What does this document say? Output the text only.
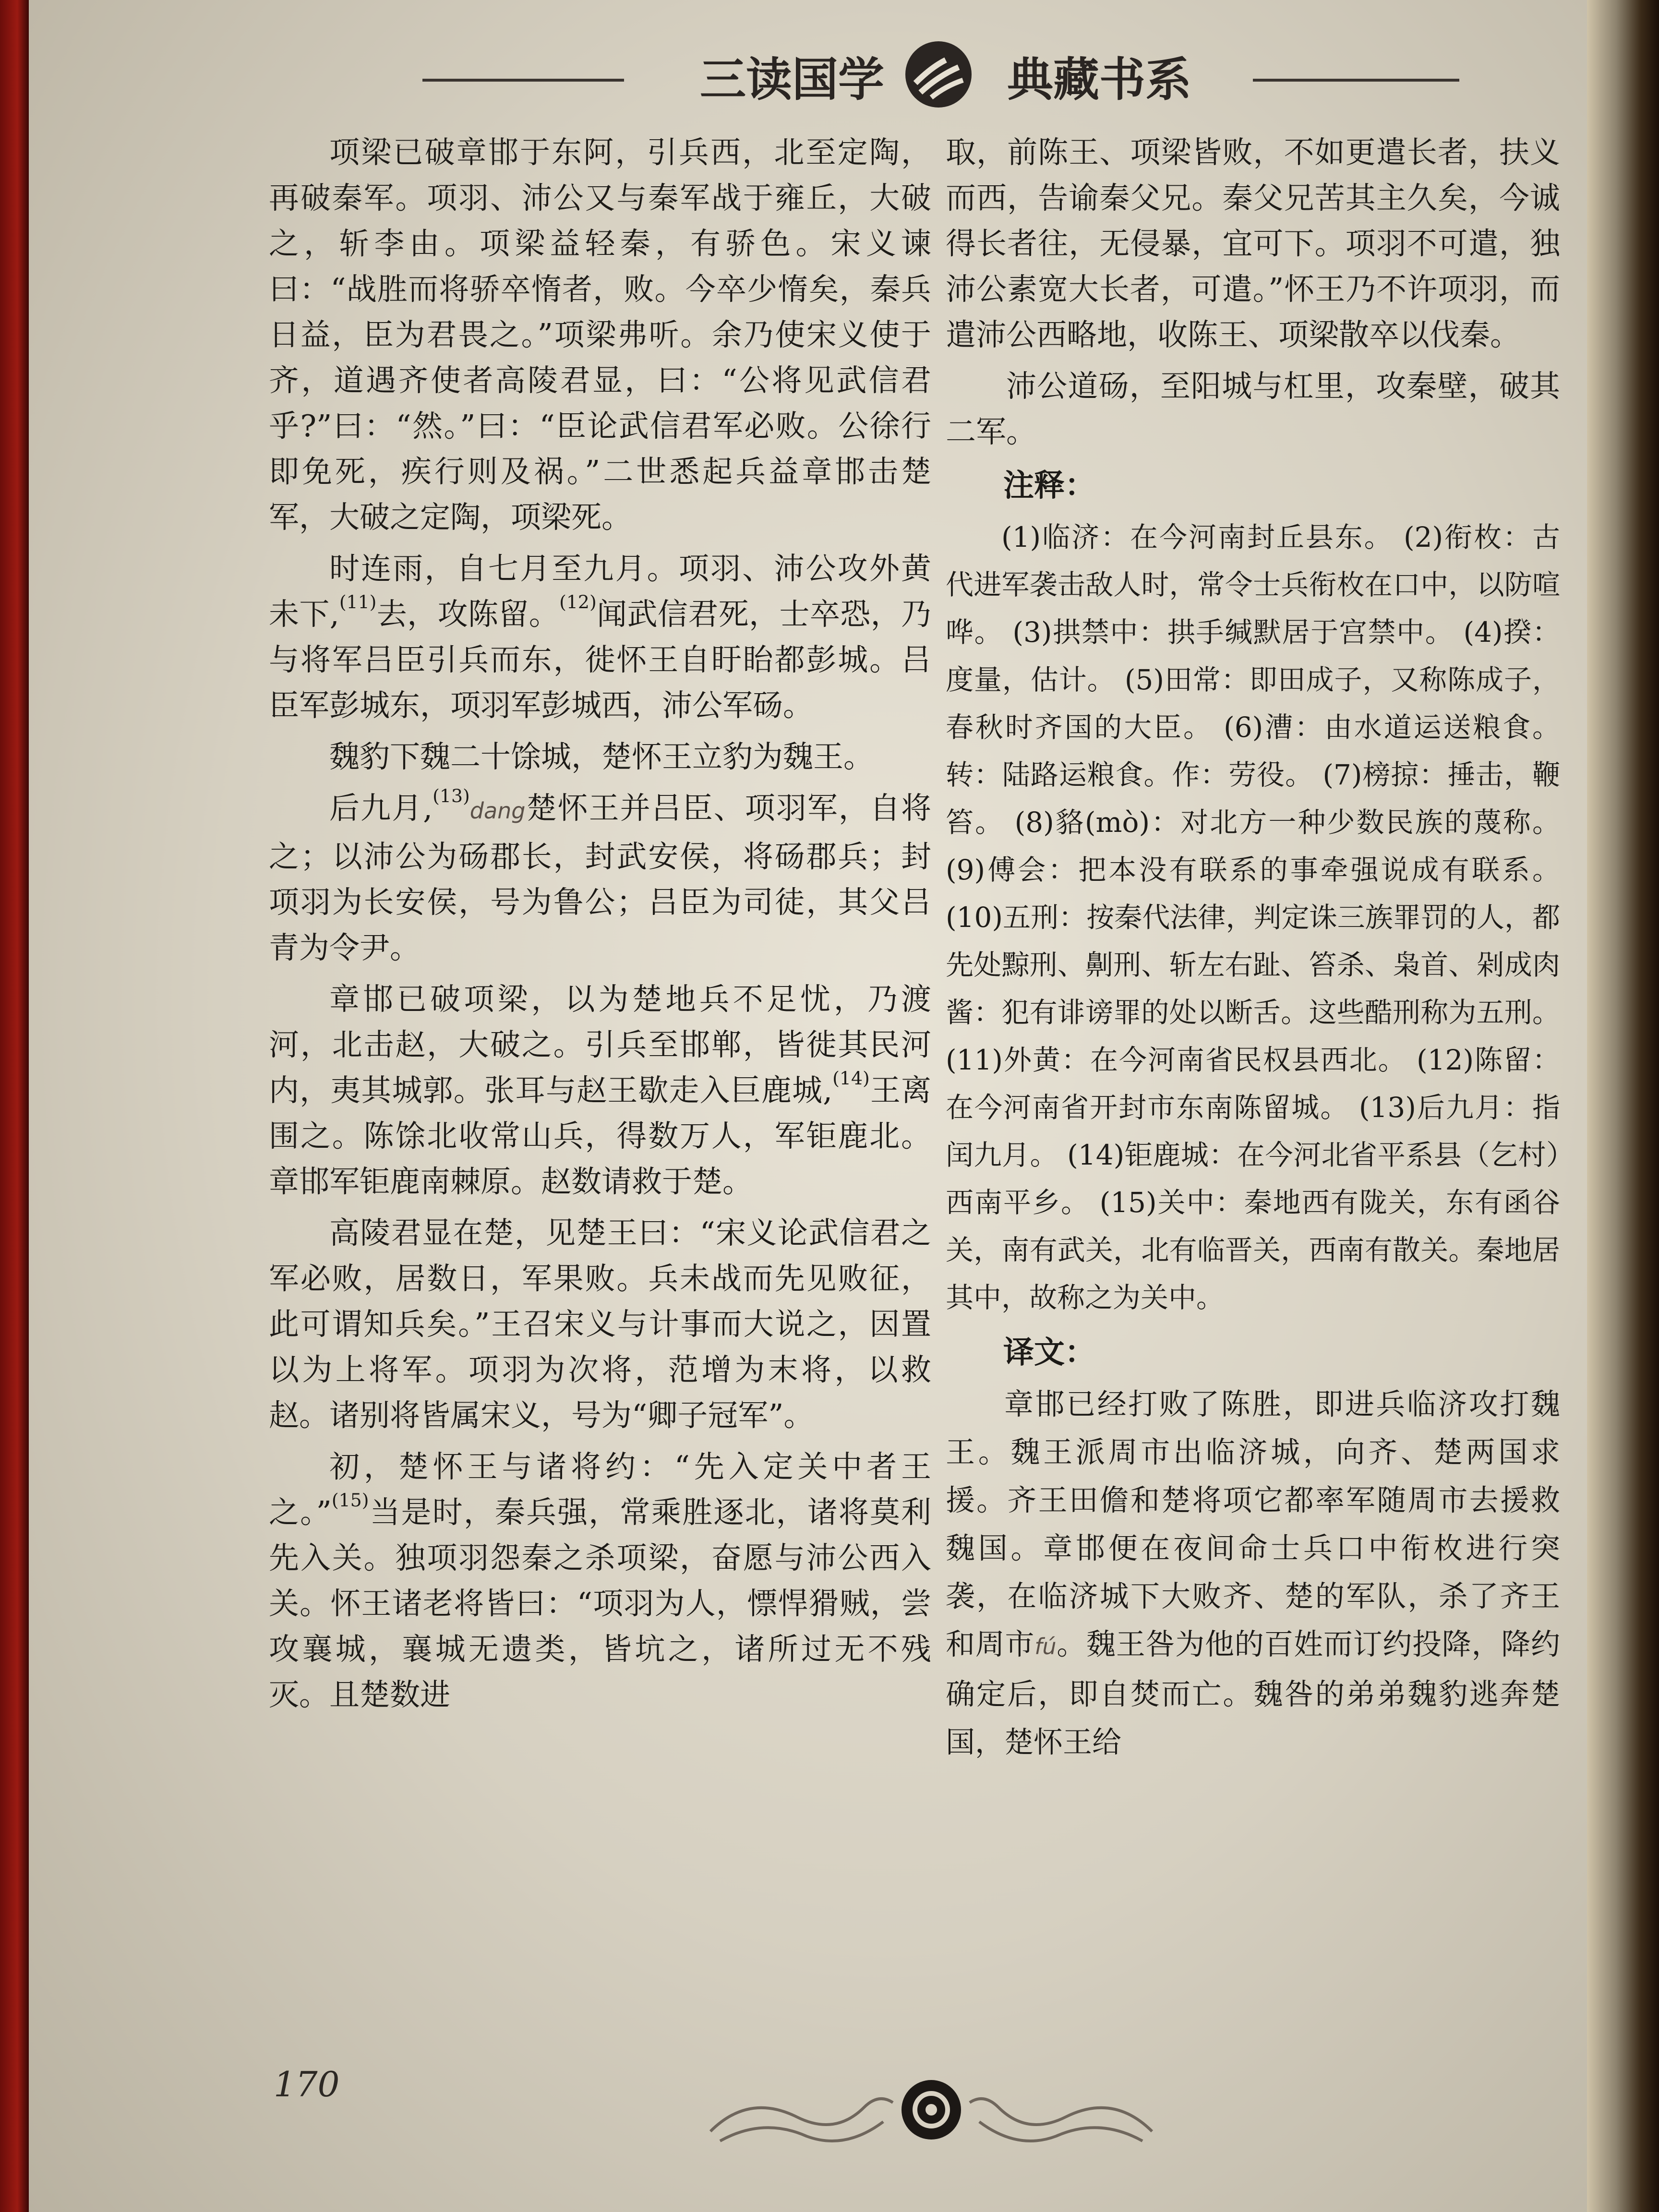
三读国学	典藏书系

项梁已破章邯于东阿，引兵西，北至定陶，再破秦军。项羽、沛公又与秦军战于雍丘，大破之，斩李由。项梁益轻秦，有骄色。宋义谏曰：“战胜而将骄卒惰者，败。今卒少惰矣，秦兵日益，臣为君畏之。”项梁弗听。余乃使宋义使于齐，道遇齐使者高陵君显，曰：“公将见武信君乎?”曰：“然。”曰：“臣论武信君军必败。公徐行即免死，疾行则及祸。”二世悉起兵益章邯击楚军，大破之定陶，项梁死。

时连雨，自七月至九月。项羽、沛公攻外黄未下,$^{(11)}$去，攻陈留。$^{(12)}$闻武信君死，士卒恐，乃与将军吕臣引兵而东，徙怀王自盱眙都彭城。吕臣军彭城东，项羽军彭城西，沛公军砀。

魏豹下魏二十馀城，楚怀王立豹为魏王。

后九月,$^{(13)}$dang楚怀王并吕臣、项羽军，自将之；以沛公为砀郡长，封武安侯，将砀郡兵；封项羽为长安侯，号为鲁公；吕臣为司徒，其父吕青为令尹。

章邯已破项梁，以为楚地兵不足忧，乃渡河，北击赵，大破之。引兵至邯郸，皆徙其民河内，夷其城郭。张耳与赵王歇走入巨鹿城,$^{(14)}$王离围之。陈馀北收常山兵，得数万人，军钜鹿北。章邯军钜鹿南棘原。赵数请救于楚。

高陵君显在楚，见楚王曰：“宋义论武信君之军必败，居数日，军果败。兵未战而先见败征，此可谓知兵矣。”王召宋义与计事而大说之，因置以为上将军。项羽为次将，范增为末将，以救赵。诸别将皆属宋义，号为“卿子冠军”。

初，楚怀王与诸将约：“先入定关中者王之。”$^{(15)}$当是时，秦兵强，常乘胜逐北，诸将莫利先入关。独项羽怨秦之杀项梁，奋愿与沛公西入关。怀王诸老将皆曰：“项羽为人，慓悍猾贼，尝攻襄城，襄城无遗类，皆坑之，诸所过无不残灭。且楚数进

取，前陈王、项梁皆败，不如更遣长者，扶义而西，告谕秦父兄。秦父兄苦其主久矣，今诚得长者往，无侵暴，宜可下。项羽不可遣，独沛公素宽大长者，可遣。”怀王乃不许项羽，而遣沛公西略地，收陈王、项梁散卒以伐秦。

沛公道砀，至阳城与杠里，攻秦壁，破其二军。

注释：

(1)临济：在今河南封丘县东。 (2)衔枚：古代进军袭击敌人时，常令士兵衔枚在口中，以防喧哗。 (3)拱禁中：拱手缄默居于宫禁中。 (4)揆：度量，估计。 (5)田常：即田成子，又称陈成子，春秋时齐国的大臣。 (6)漕：由水道运送粮食。转：陆路运粮食。作：劳役。 (7)榜掠：捶击，鞭笞。 (8)貉(mò)：对北方一种少数民族的蔑称。 (9)傅会：把本没有联系的事牵强说成有联系。 (10)五刑：按秦代法律，判定诛三族罪罚的人，都先处黥刑、劓刑、斩左右趾、笞杀、枭首、剁成肉酱：犯有诽谤罪的处以断舌。这些酷刑称为五刑。 (11)外黄：在今河南省民权县西北。 (12)陈留：在今河南省开封市东南陈留城。 (13)后九月：指闰九月。 (14)钜鹿城：在今河北省平系县（乞村）西南平乡。 (15)关中：秦地西有陇关，东有函谷关，南有武关，北有临晋关，西南有散关。秦地居其中，故称之为关中。

译文：

章邯已经打败了陈胜，即进兵临济攻打魏王。魏王派周市出临济城，向齐、楚两国求援。齐王田儋和楚将项它都率军随周市去援救魏国。章邯便在夜间命士兵口中衔枚进行突袭，在临济城下大败齐、楚的军队，杀了齐王和周市fú。魏王咎为他的百姓而订约投降，降约确定后，即自焚而亡。魏咎的弟弟魏豹逃奔楚国，楚怀王给

170
